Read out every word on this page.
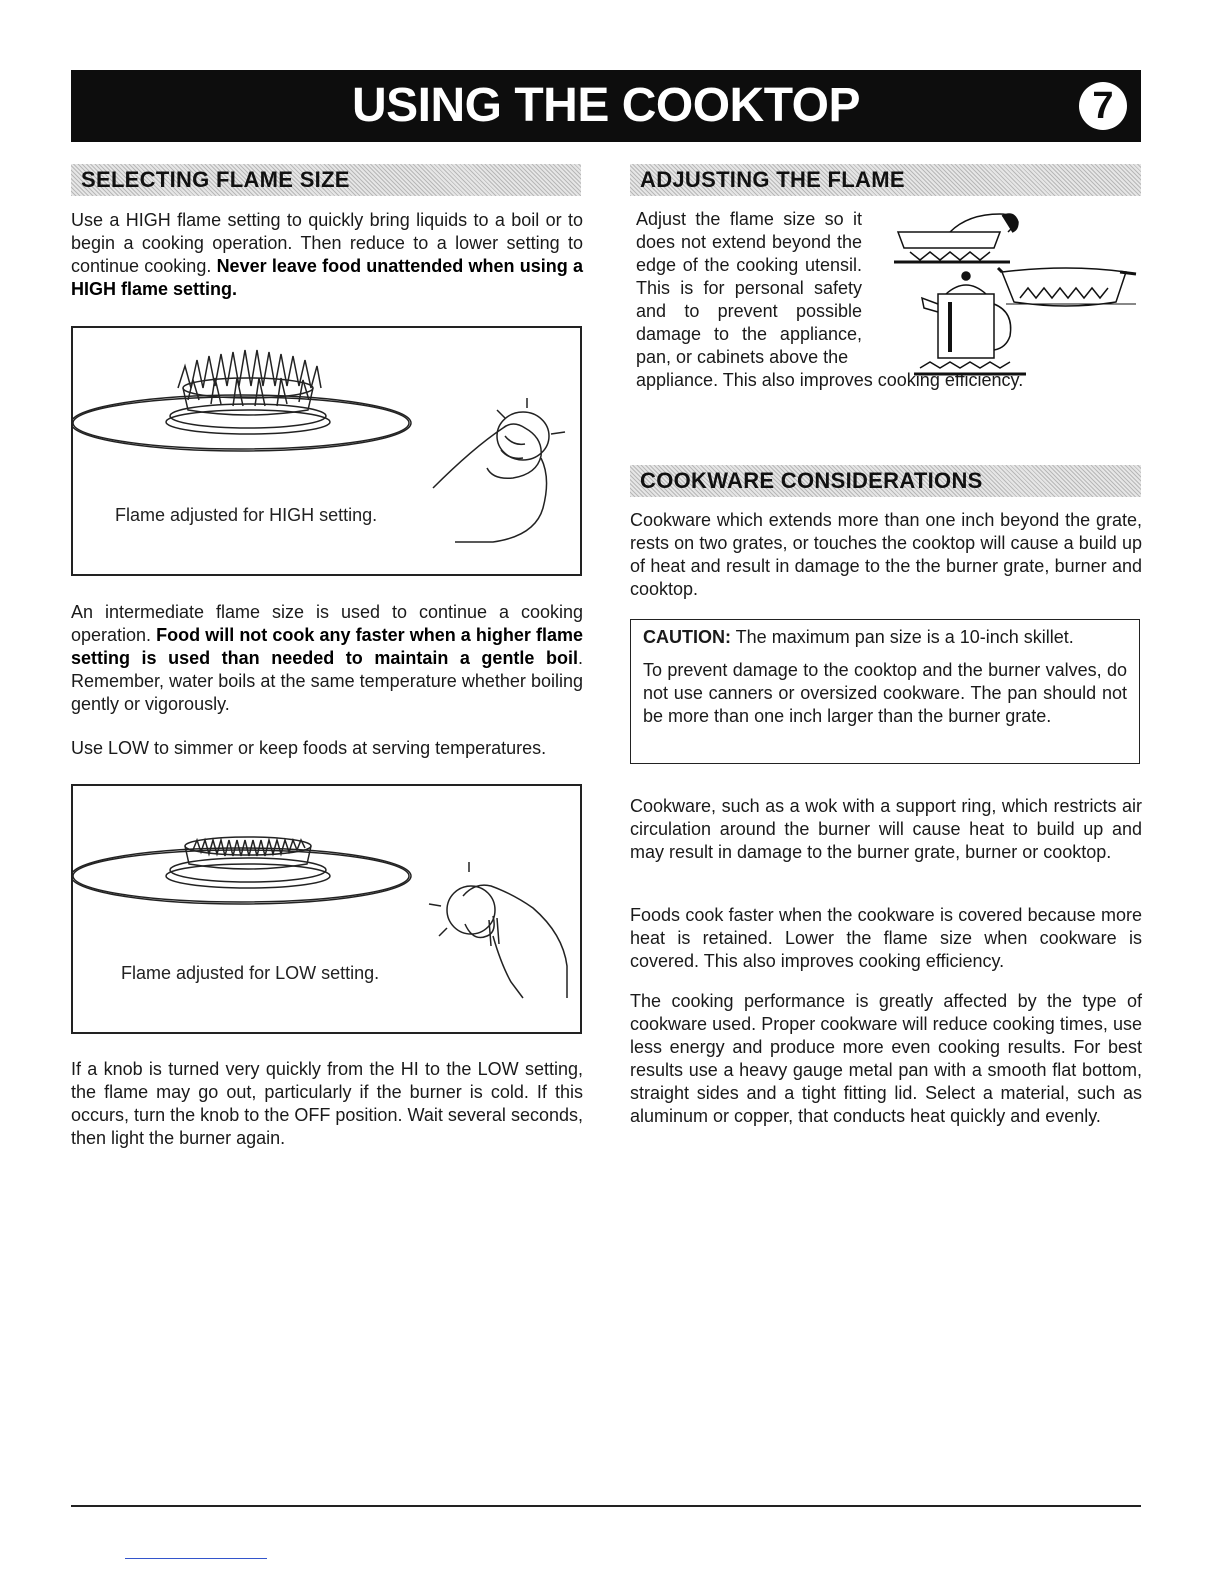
USING THE COOKTOP	7
SELECTING FLAME SIZE
Use a HIGH flame setting to quickly bring liquids to a boil or to begin a cooking operation. Then reduce to a lower setting to continue cooking. Never leave food unattended when using a HIGH flame setting.
Flame adjusted for HIGH setting.
An intermediate flame size is used to continue a cooking operation. Food will not cook any faster when a higher flame setting is used than needed to maintain a gentle boil. Remember, water boils at the same temperature whether boiling gently or vigorously.
Use LOW to simmer or keep foods at serving temperatures.
Flame adjusted for LOW setting.
If a knob is turned very quickly from the HI to the LOW setting, the flame may go out, particularly if the burner is cold. If this occurs, turn the knob to the OFF position. Wait several seconds, then light the burner again.
ADJUSTING THE FLAME
Adjust the flame size so it does not extend beyond the edge of the cooking utensil. This is for personal safety and to prevent possible damage to the appliance, pan, or cabinets above the
appliance. This also improves cooking efficiency.
COOKWARE CONSIDERATIONS
Cookware which extends more than one inch beyond the grate, rests on two grates, or touches the cooktop will cause a build up of heat and result in damage to the the burner grate, burner and cooktop.

CAUTION: The maximum pan size is a 10-inch skillet.

To prevent damage to the cooktop and the burner valves, do not use canners or oversized cookware. The pan should not be more than one inch larger than the burner grate.

Cookware, such as a wok with a support ring, which restricts air circulation around the burner will cause heat to build up and may result in damage to the burner grate, burner or cooktop.
Foods cook faster when the cookware is covered because more heat is retained. Lower the flame size when cookware is covered. This also improves cooking efficiency.
The cooking performance is greatly affected by the type of cookware used. Proper cookware will reduce cooking times, use less energy and produce more even cooking results. For best results use a heavy gauge metal pan with a smooth flat bottom, straight sides and a tight fitting lid. Select a material, such as aluminum or copper, that conducts heat quickly and evenly.
